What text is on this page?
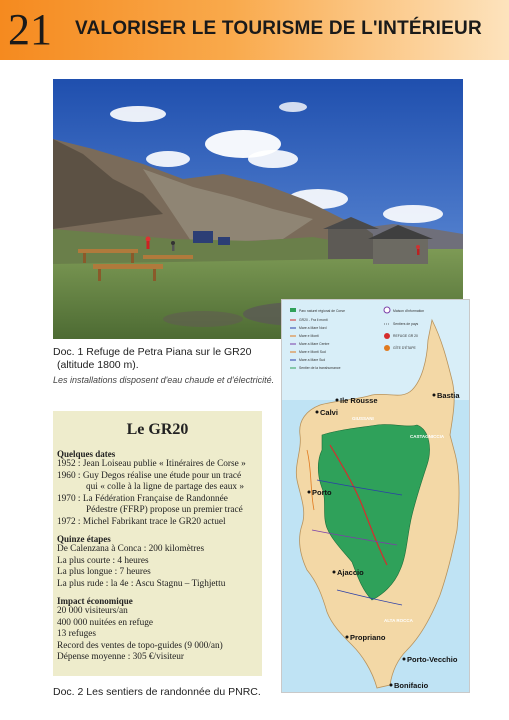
21 VALORISER LE TOURISME DE L'INTÉRIEUR
Doc. 1 Refuge de Petra Piana sur le GR20
(altitude 1800 m).
Les installations disposent d'eau chaude et d'électricité.
Le GR20
Quelques dates
1952 : Jean Loiseau publie « Itinéraires de Corse »
1960 : Guy Degos réalise une étude pour un tracé
qui « colle à la ligne de partage des eaux »
1970 : La Fédération Française de Randonnée
Pédestre (FFRP) propose un premier tracé
1972 : Michel Fabrikant trace le GR20 actuel
Quinze étapes
De Calenzana à Conca : 200 kilomètres
La plus courte : 4 heures
La plus longue : 7 heures
La plus rude : la 4e : Ascu Stagnu – Tighjettu
Impact économique
20 000 visiteurs/an
400 000 nuitées en refuge
13 refuges
Record des ventes de topo-guides (9 000/an)
Dépense moyenne : 305 €/visiteur
Doc. 2 Les sentiers de randonnée du PNRC.
Parc naturel régional de Corse
GR20 - Fra li monti
Mare a Mare Nord
Mare e Monti
Mare a Mare Centre
Mare e Monti Sud
Mare a Mare Sud
Sentier de la transhumance
Maison d'information
Sentiers de pays
REFUGE GR 20
GÎTE D'ÉTAPE
Ile Rousse
Bastia
Calvi
Porto
Ajaccio
Propriano
Porto-Vecchio
Bonifacio
ALTA ROCCA
CASTAGNICCIA
GIUSSANI
